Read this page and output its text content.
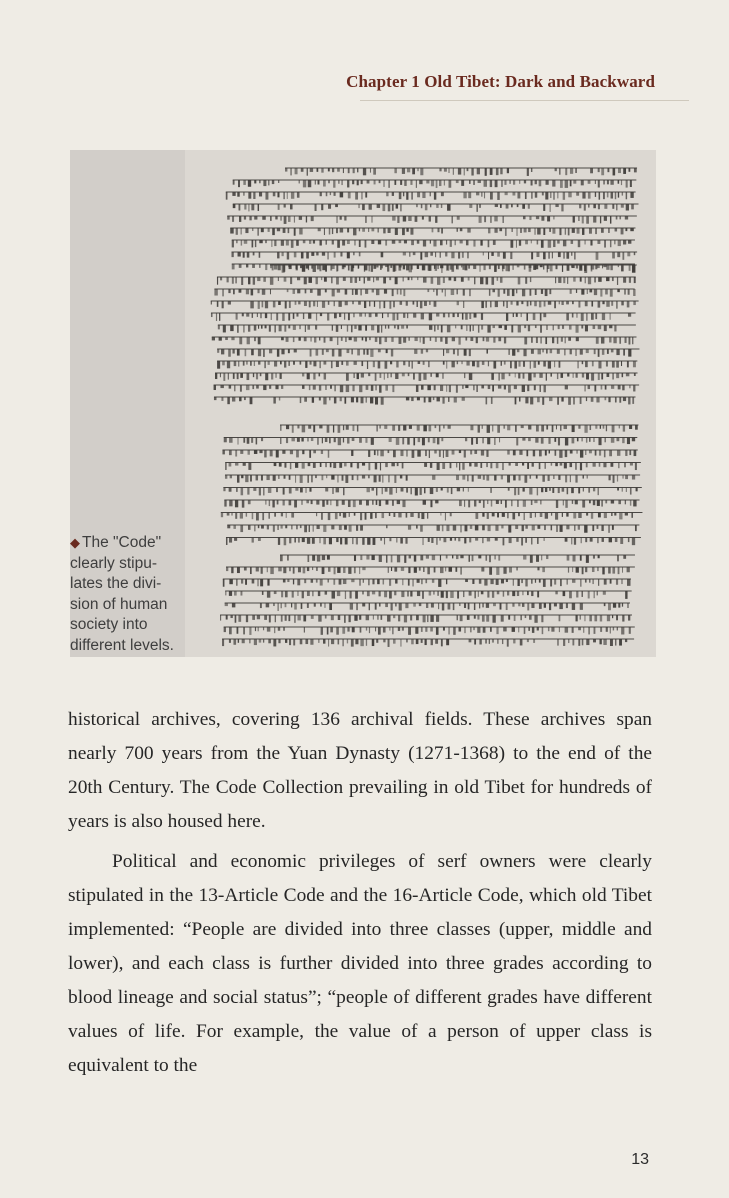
Chapter 1 Old Tibet: Dark and Backward
◆ The "Code"
clearly stipu-
lates the divi-
sion of human
society into
different levels.

historical archives, covering 136 archival fields. These archives span nearly 700 years from the Yuan Dynasty (1271-1368) to the end of the 20th Century. The Code Collection prevailing in old Tibet for hundreds of years is also housed here.

Political and economic privileges of serf owners were clearly stipulated in the 13-Article Code and the 16-Article Code, which old Tibet implemented: “People are divided into three classes (upper, middle and lower), and each class is further divided into three grades according to blood lineage and social status”; “people of different grades have different values of life. For example, the value of a person of upper class is equivalent to the

13
